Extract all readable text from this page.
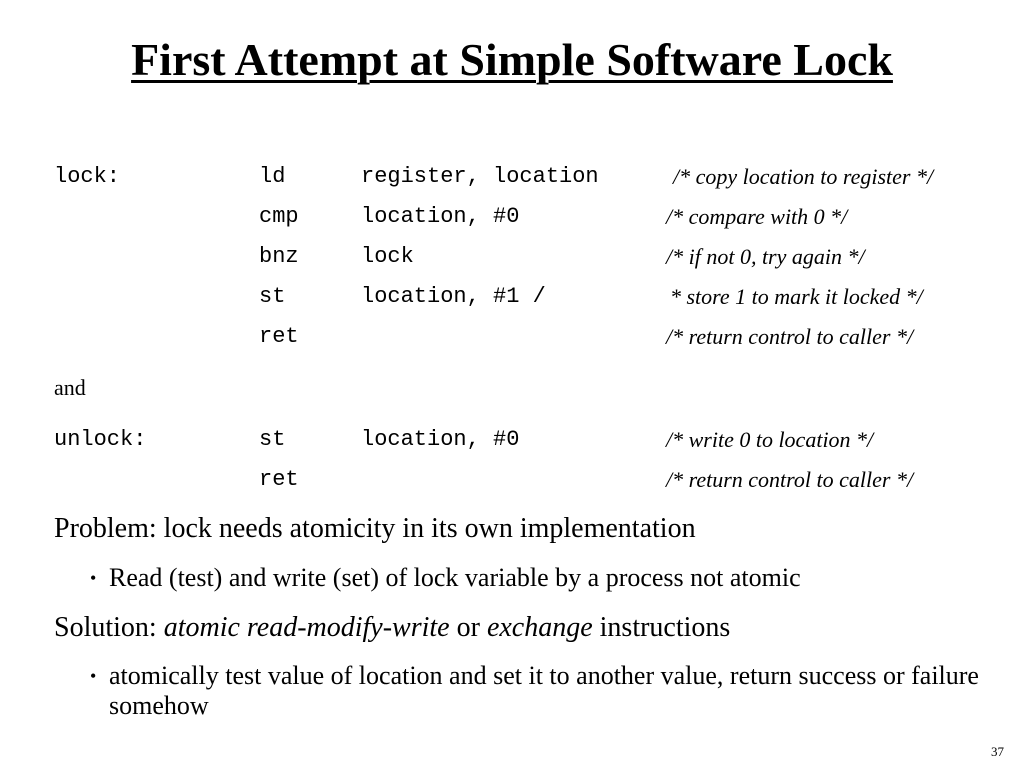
First Attempt at Simple Software Lock
lock:	ld	register, location	/* copy location to register */
cmp	location, #0	/* compare with 0 */
bnz	lock	/* if not 0, try again */
st	location, #1 /	* store 1 to mark it locked */
ret	/* return control to caller */
and
unlock:	st	location, #0	/* write 0 to location */
ret	/* return control to caller */
Problem: lock needs atomicity in its own implementation
• Read (test) and write (set) of lock variable by a process not atomic
Solution: atomic read-modify-write or exchange instructions
• atomically test value of location and set it to another value, return success or failure somehow
37
